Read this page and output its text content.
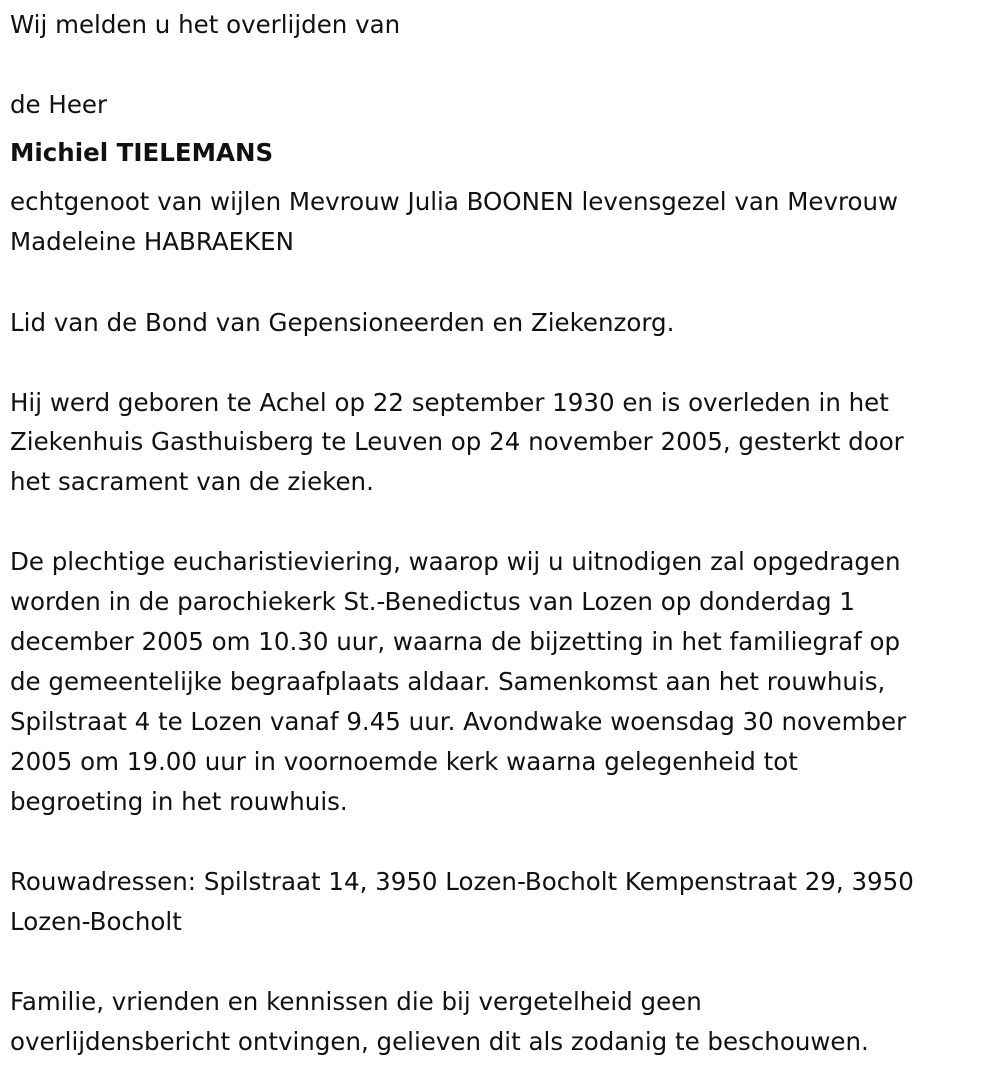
Wij melden u het overlijden van
de Heer
Michiel TIELEMANS
echtgenoot van wijlen Mevrouw Julia BOONEN levensgezel van Mevrouw
Madeleine HABRAEKEN
Lid van de Bond van Gepensioneerden en Ziekenzorg.
Hij werd geboren te Achel op 22 september 1930 en is overleden in het
Ziekenhuis Gasthuisberg te Leuven op 24 november 2005, gesterkt door
het sacrament van de zieken.
De plechtige eucharistieviering, waarop wij u uitnodigen zal opgedragen
worden in de parochiekerk St.-Benedictus van Lozen op donderdag 1
december 2005 om 10.30 uur, waarna de bijzetting in het familiegraf op
de gemeentelijke begraafplaats aldaar. Samenkomst aan het rouwhuis,
Spilstraat 4 te Lozen vanaf 9.45 uur. Avondwake woensdag 30 november
2005 om 19.00 uur in voornoemde kerk waarna gelegenheid tot
begroeting in het rouwhuis.
Rouwadressen: Spilstraat 14, 3950 Lozen-Bocholt Kempenstraat 29, 3950
Lozen-Bocholt
Familie, vrienden en kennissen die bij vergetelheid geen
overlijdensbericht ontvingen, gelieven dit als zodanig te beschouwen.
